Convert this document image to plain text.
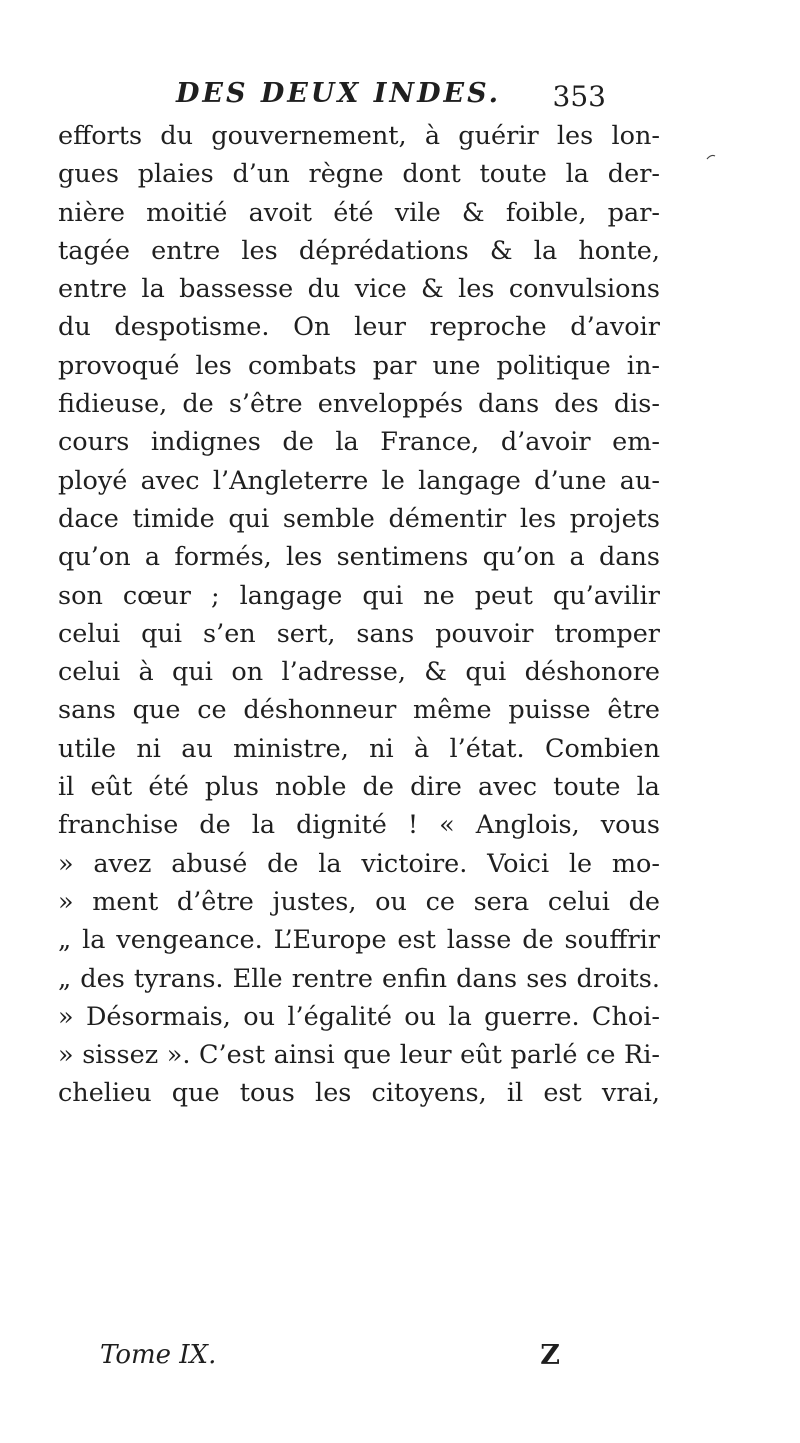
DES DEUX INDES. 353
efforts du gouvernement, à guérir les lon-
gues plaies d’un règne dont toute la der-
nière moitié avoit été vile & foible, par-
tagée entre les déprédations & la honte,
entre la bassesse du vice & les convulsions
du despotisme. On leur reproche d’avoir
provoqué les combats par une politique in-
fidieuse, de s’être enveloppés dans des dis-
cours indignes de la France, d’avoir em-
ployé avec l’Angleterre le langage d’une au-
dace timide qui semble démentir les projets
qu’on a formés, les sentimens qu’on a dans
son cœur ; langage qui ne peut qu’avilir
celui qui s’en sert, sans pouvoir tromper
celui à qui on l’adresse, & qui déshonore
sans que ce déshonneur même puisse être
utile ni au ministre, ni à l’état. Combien
il eût été plus noble de dire avec toute la
franchise de la dignité ! « Anglois, vous
» avez abusé de la victoire. Voici le mo-
» ment d’être justes, ou ce sera celui de
„ la vengeance. L’Europe est lasse de souffrir
„ des tyrans. Elle rentre enfin dans ses droits.
» Désormais, ou l’égalité ou la guerre. Choi-
» sissez ». C’est ainsi que leur eût parlé ce Ri-
chelieu que tous les citoyens, il est vrai,
Tome IX.	Z
